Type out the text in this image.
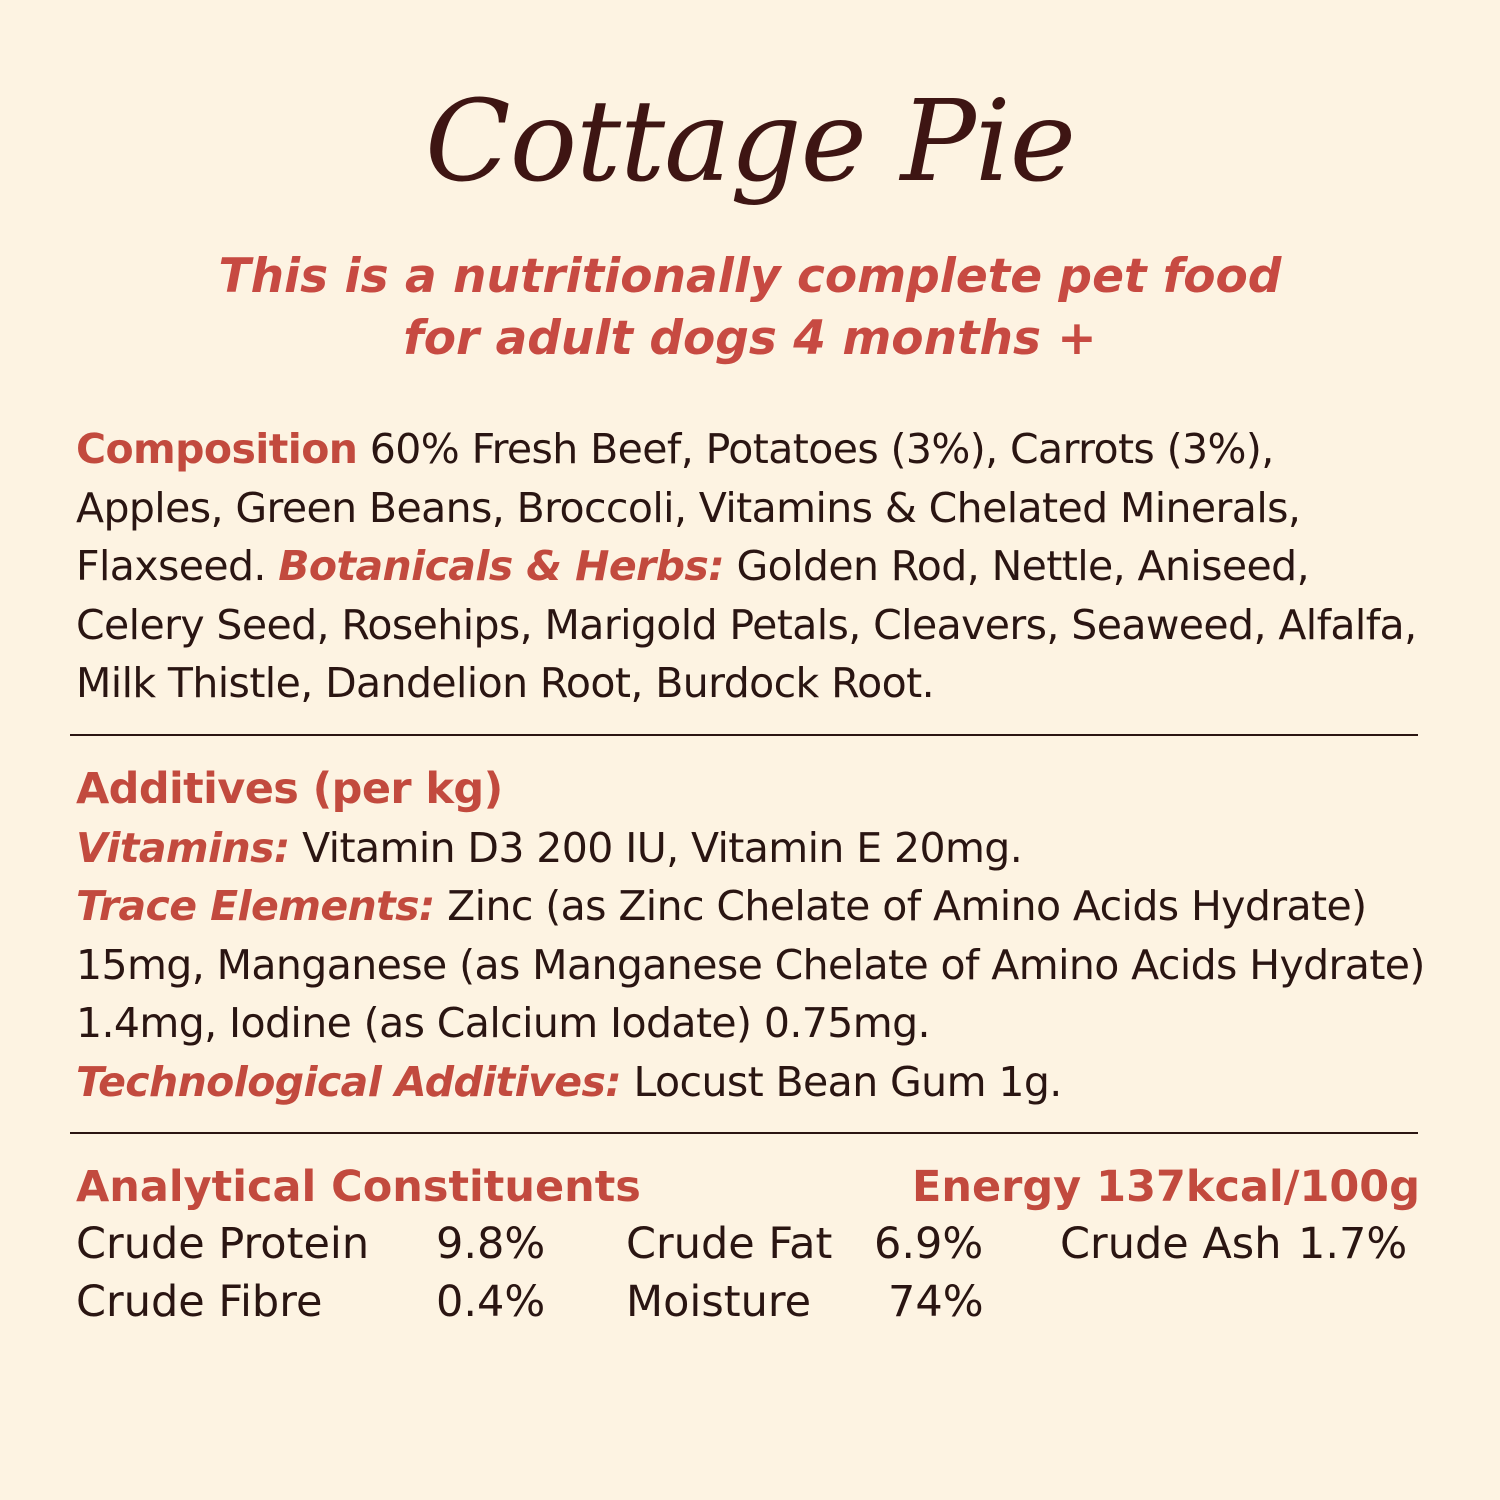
Cottage Pie
This is a nutritionally complete pet food
for adult dogs 4 months +
Composition 60% Fresh Beef, Potatoes (3%), Carrots (3%), Apples, Green Beans, Broccoli, Vitamins & Chelated Minerals, Flaxseed. Botanicals & Herbs: Golden Rod, Nettle, Aniseed, Celery Seed, Rosehips, Marigold Petals, Cleavers, Seaweed, Alfalfa, Milk Thistle, Dandelion Root, Burdock Root.
Additives (per kg)
Vitamins: Vitamin D3 200 IU, Vitamin E 20mg.
Trace Elements: Zinc (as Zinc Chelate of Amino Acids Hydrate) 15mg, Manganese (as Manganese Chelate of Amino Acids Hydrate) 1.4mg, Iodine (as Calcium Iodate) 0.75mg.
Technological Additives: Locust Bean Gum 1g.
Analytical Constituents	Energy 137kcal/100g
Crude Protein 9.8% Crude Fat 6.9% Crude Ash 1.7%
Crude Fibre	0.4% Moisture 74%
